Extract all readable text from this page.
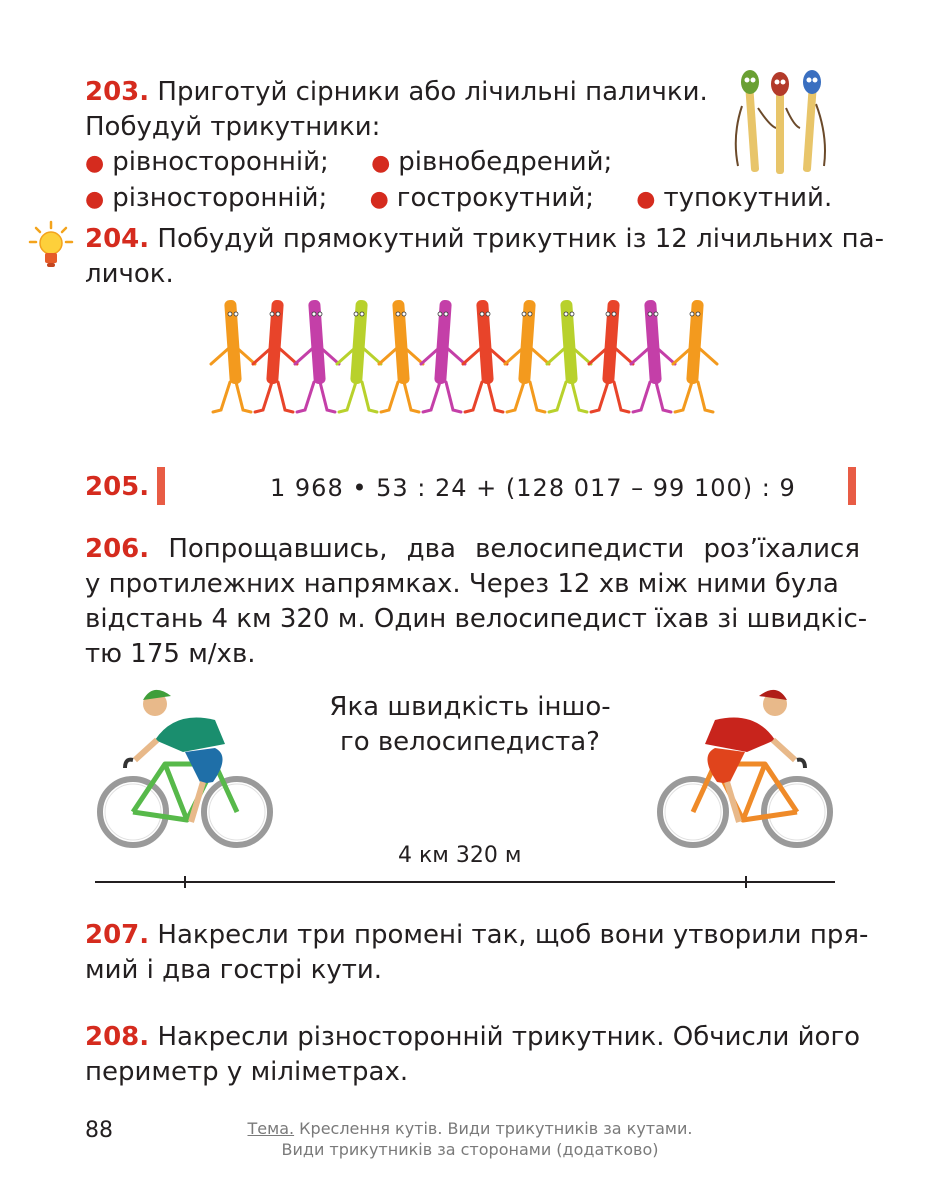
203. Приготуй сірники або лічильні палички.
Побудуй трикутники:
● рівносторонній; ● рівнобедрений;
● різносторонній; ● гострокутний; ● тупокутний.
204. Побудуй прямокутний трикутник із 12 лічильних па-
личок.
205.	1 968 • 53 : 24 + (128 017 – 99 100) : 9
206. Попрощавшись, два велосипедисти роз’їхалися
у протилежних напрямках. Через 12 хв між ними була
відстань 4 км 320 м. Один велосипедист їхав зі швидкіс-
тю 175 м/хв.
Яка швидкість іншо-
го велосипедиста?
4 км 320 м
207. Накресли три промені так, щоб вони утворили пря-
мий і два гострі кути.
208. Накресли різносторонній трикутник. Обчисли його
периметр у міліметрах.
88	Тема. Креслення кутів. Види трикутників за кутами.
Види трикутників за сторонами (додатково)
